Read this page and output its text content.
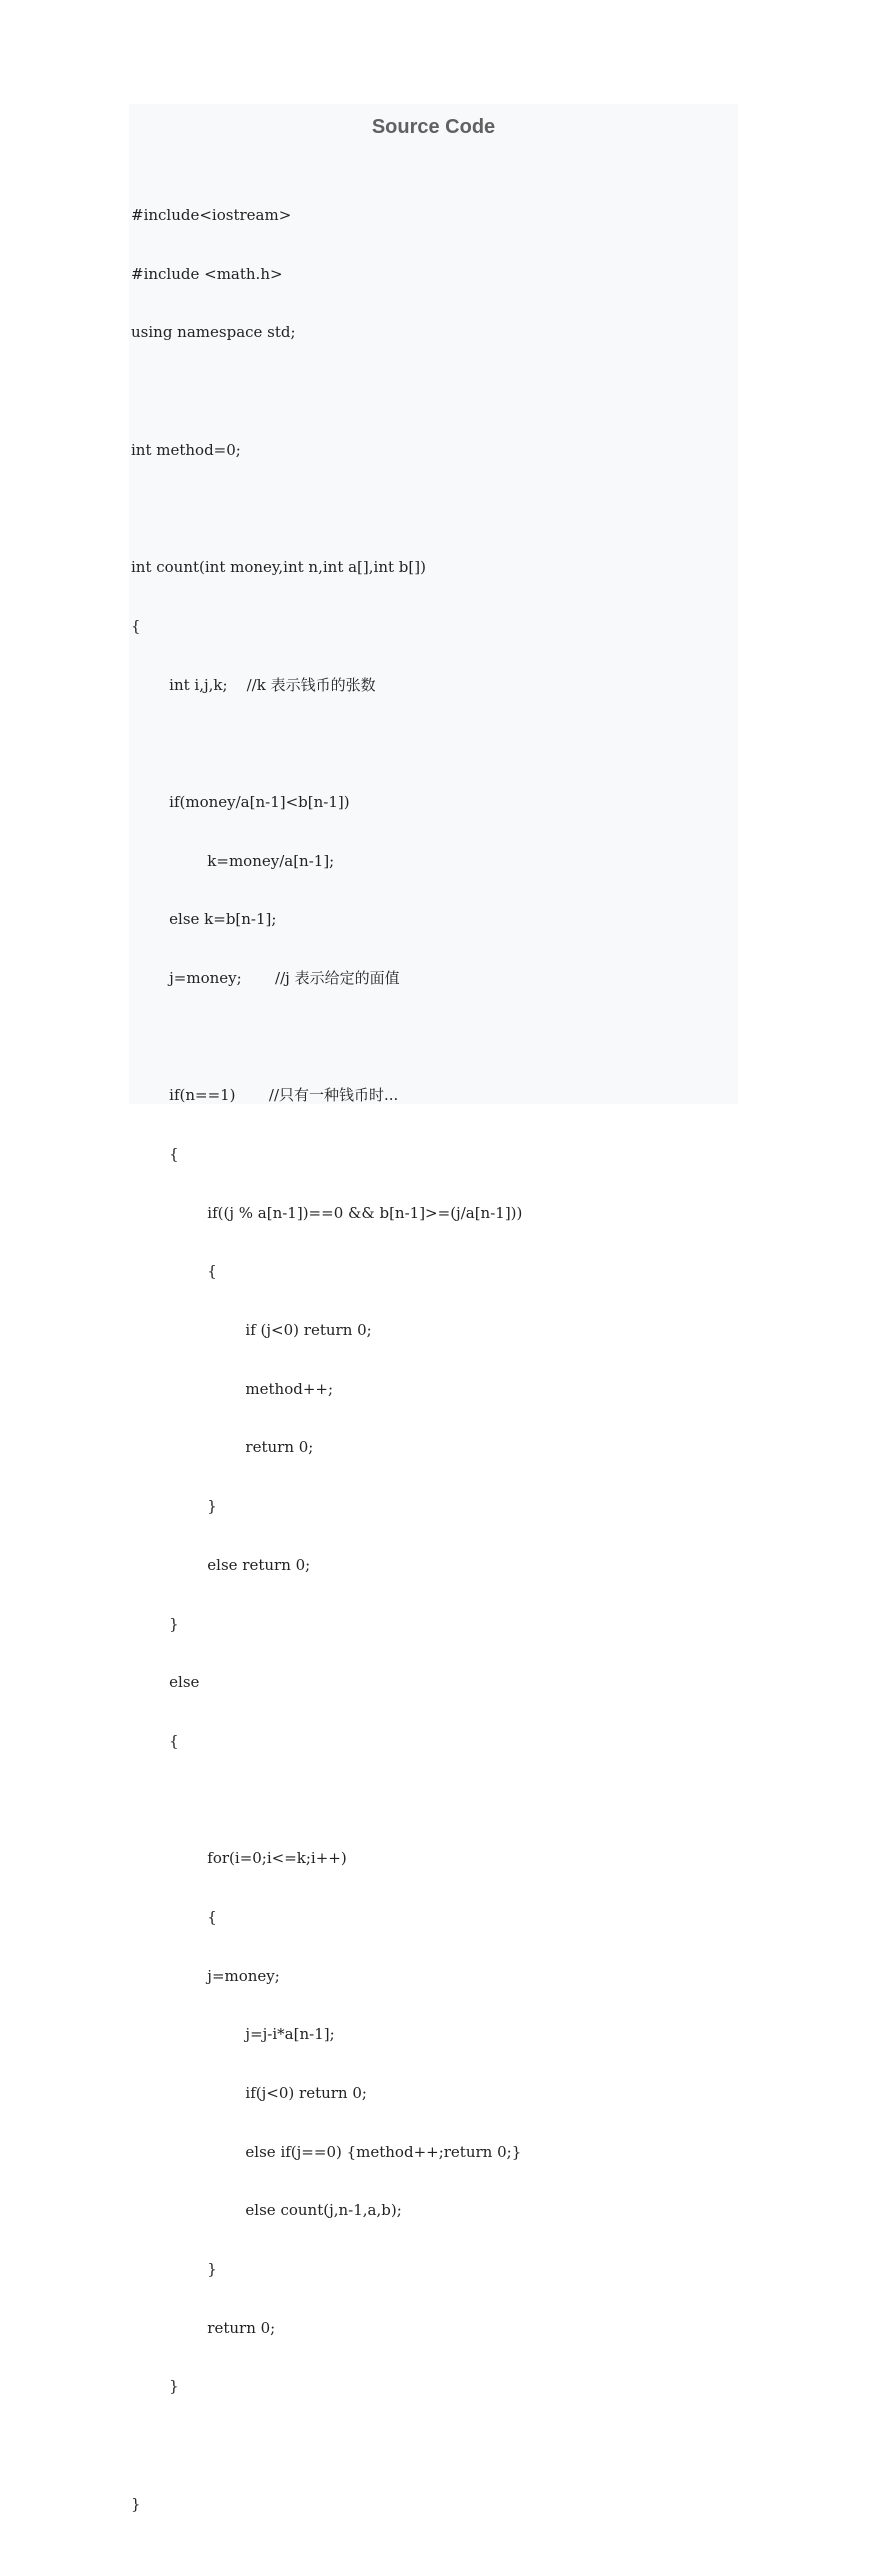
Source Code

#include<iostream>

#include <math.h>

using namespace std;

int method=0;

int count(int money,int n,int a[],int b[])

{

int i,j,k;    //k 表示钱币的张数

if(money/a[n-1]<b[n-1])

k=money/a[n-1];

else k=b[n-1];

j=money;       //j 表示给定的面值

if(n==1)       //只有一种钱币时...

{

if((j % a[n-1])==0 && b[n-1]>=(j/a[n-1]))

{

if (j<0) return 0;

method++;

return 0;

}

else return 0;

}

else

{

for(i=0;i<=k;i++)

{

j=money;

j=j-i*a[n-1];

if(j<0) return 0;

else if(j==0) {method++;return 0;}

else count(j,n-1,a,b);

}

return 0;

}

}
